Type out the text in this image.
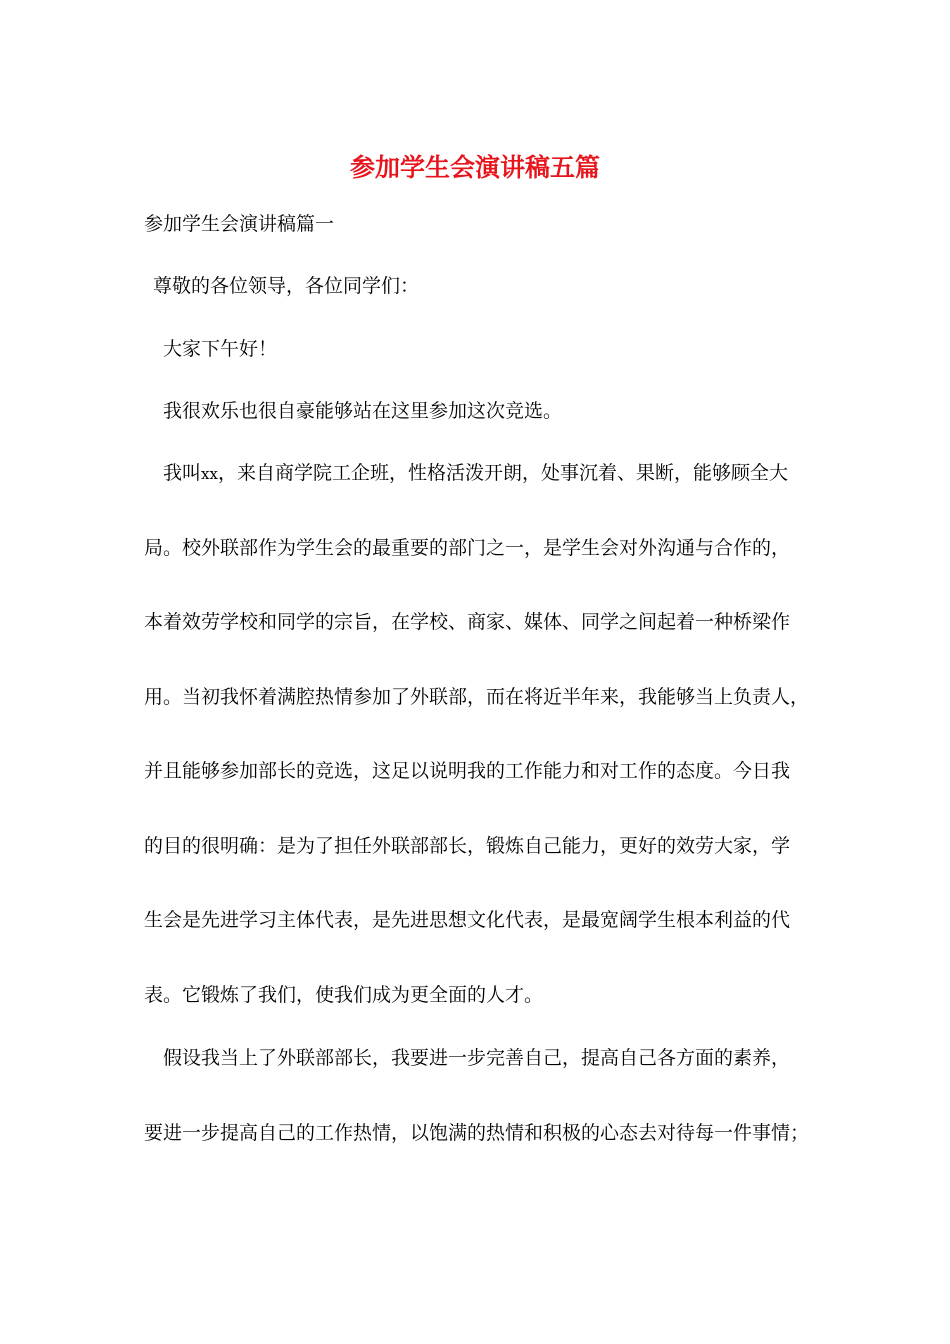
参加学生会演讲稿五篇

参加学生会演讲稿篇一

尊敬的各位领导，各位同学们：

大家下午好！

我很欢乐也很自豪能够站在这里参加这次竞选。

我叫xx，来自商学院工企班，性格活泼开朗，处事沉着、果断，能够顾全大

局。校外联部作为学生会的最重要的部门之一，是学生会对外沟通与合作的，

本着效劳学校和同学的宗旨，在学校、商家、媒体、同学之间起着一种桥梁作

用。当初我怀着满腔热情参加了外联部，而在将近半年来，我能够当上负责人，

并且能够参加部长的竞选，这足以说明我的工作能力和对工作的态度。今日我

的目的很明确：是为了担任外联部部长，锻炼自己能力，更好的效劳大家，学

生会是先进学习主体代表，是先进思想文化代表，是最宽阔学生根本利益的代

表。它锻炼了我们，使我们成为更全面的人才。

假设我当上了外联部部长，我要进一步完善自己，提高自己各方面的素养，

要进一步提高自己的工作热情，以饱满的热情和积极的心态去对待每一件事情；
